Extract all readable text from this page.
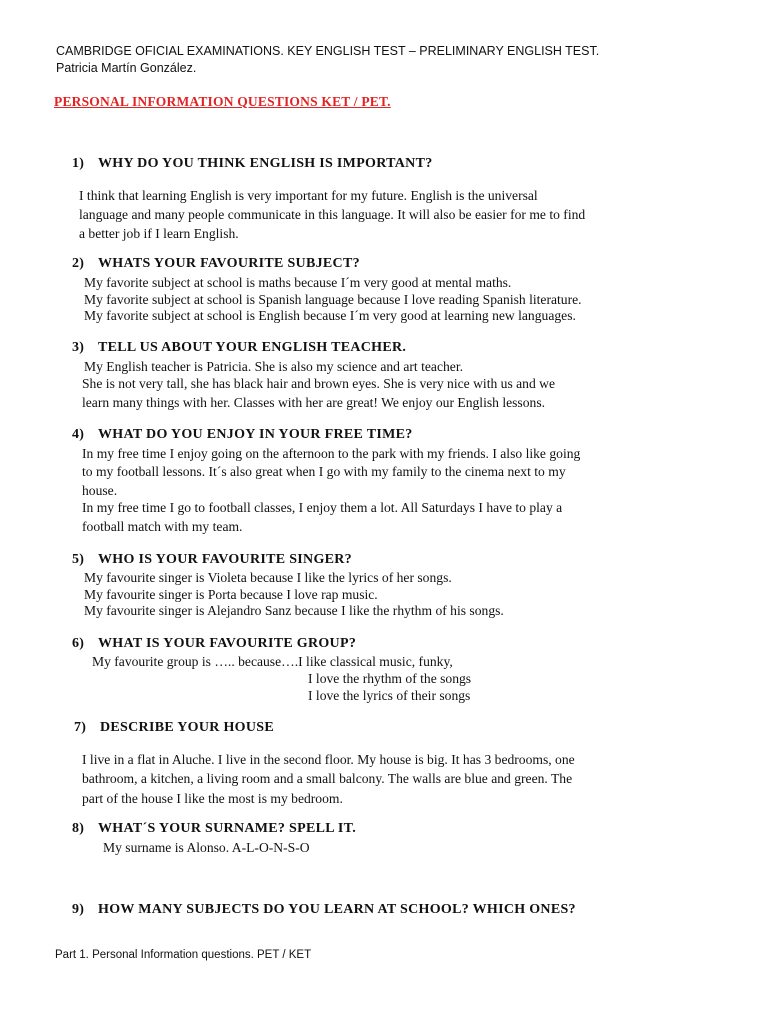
CAMBRIDGE OFICIAL EXAMINATIONS. KEY ENGLISH TEST – PRELIMINARY ENGLISH TEST.
Patricia Martín González.
PERSONAL INFORMATION QUESTIONS KET / PET.
1) WHY DO YOU THINK ENGLISH IS IMPORTANT?
I think that learning English is very important for my future. English is the universal
language and many people communicate in this language. It will also be easier for me to find
a better job if I learn English.
2) WHATS YOUR FAVOURITE SUBJECT?
My favorite subject at school is maths because I´m very good at mental maths.
My favorite subject at school is Spanish language because I love reading Spanish literature.
My favorite subject at school is English because I´m very good at learning new languages.
3) TELL US ABOUT YOUR ENGLISH TEACHER.
My English teacher is Patricia. She is also my science and art teacher.
She is not very tall, she has black hair and brown eyes. She is very nice with us and we
learn many things with her. Classes with her are great! We enjoy our English lessons.
4) WHAT DO YOU ENJOY IN YOUR FREE TIME?
In my free time I enjoy going on the afternoon to the park with my friends. I also like going
to my football lessons. It´s also great when I go with my family to the cinema next to my
house.
In my free time I go to football classes, I enjoy them a lot. All Saturdays I have to play a
football match with my team.
5) WHO IS YOUR FAVOURITE SINGER?
My favourite singer is Violeta because I like the lyrics of her songs.
My favourite singer is Porta because I love rap music.
My favourite singer is Alejandro Sanz because I like the rhythm of his songs.
6) WHAT IS YOUR FAVOURITE GROUP?
My favourite group is ….. because….I like classical music, funky,
I love the rhythm of the songs
I love the lyrics of their songs
7) DESCRIBE YOUR HOUSE
I live in a flat in Aluche. I live in the second floor. My house is big. It has 3 bedrooms, one
bathroom, a kitchen, a living room and a small balcony. The walls are blue and green. The
part of the house I like the most is my bedroom.
8) WHAT´S YOUR SURNAME? SPELL IT.
My surname is Alonso. A-L-O-N-S-O
9) HOW MANY SUBJECTS DO YOU LEARN AT SCHOOL? WHICH ONES?
Part 1. Personal Information questions. PET / KET
